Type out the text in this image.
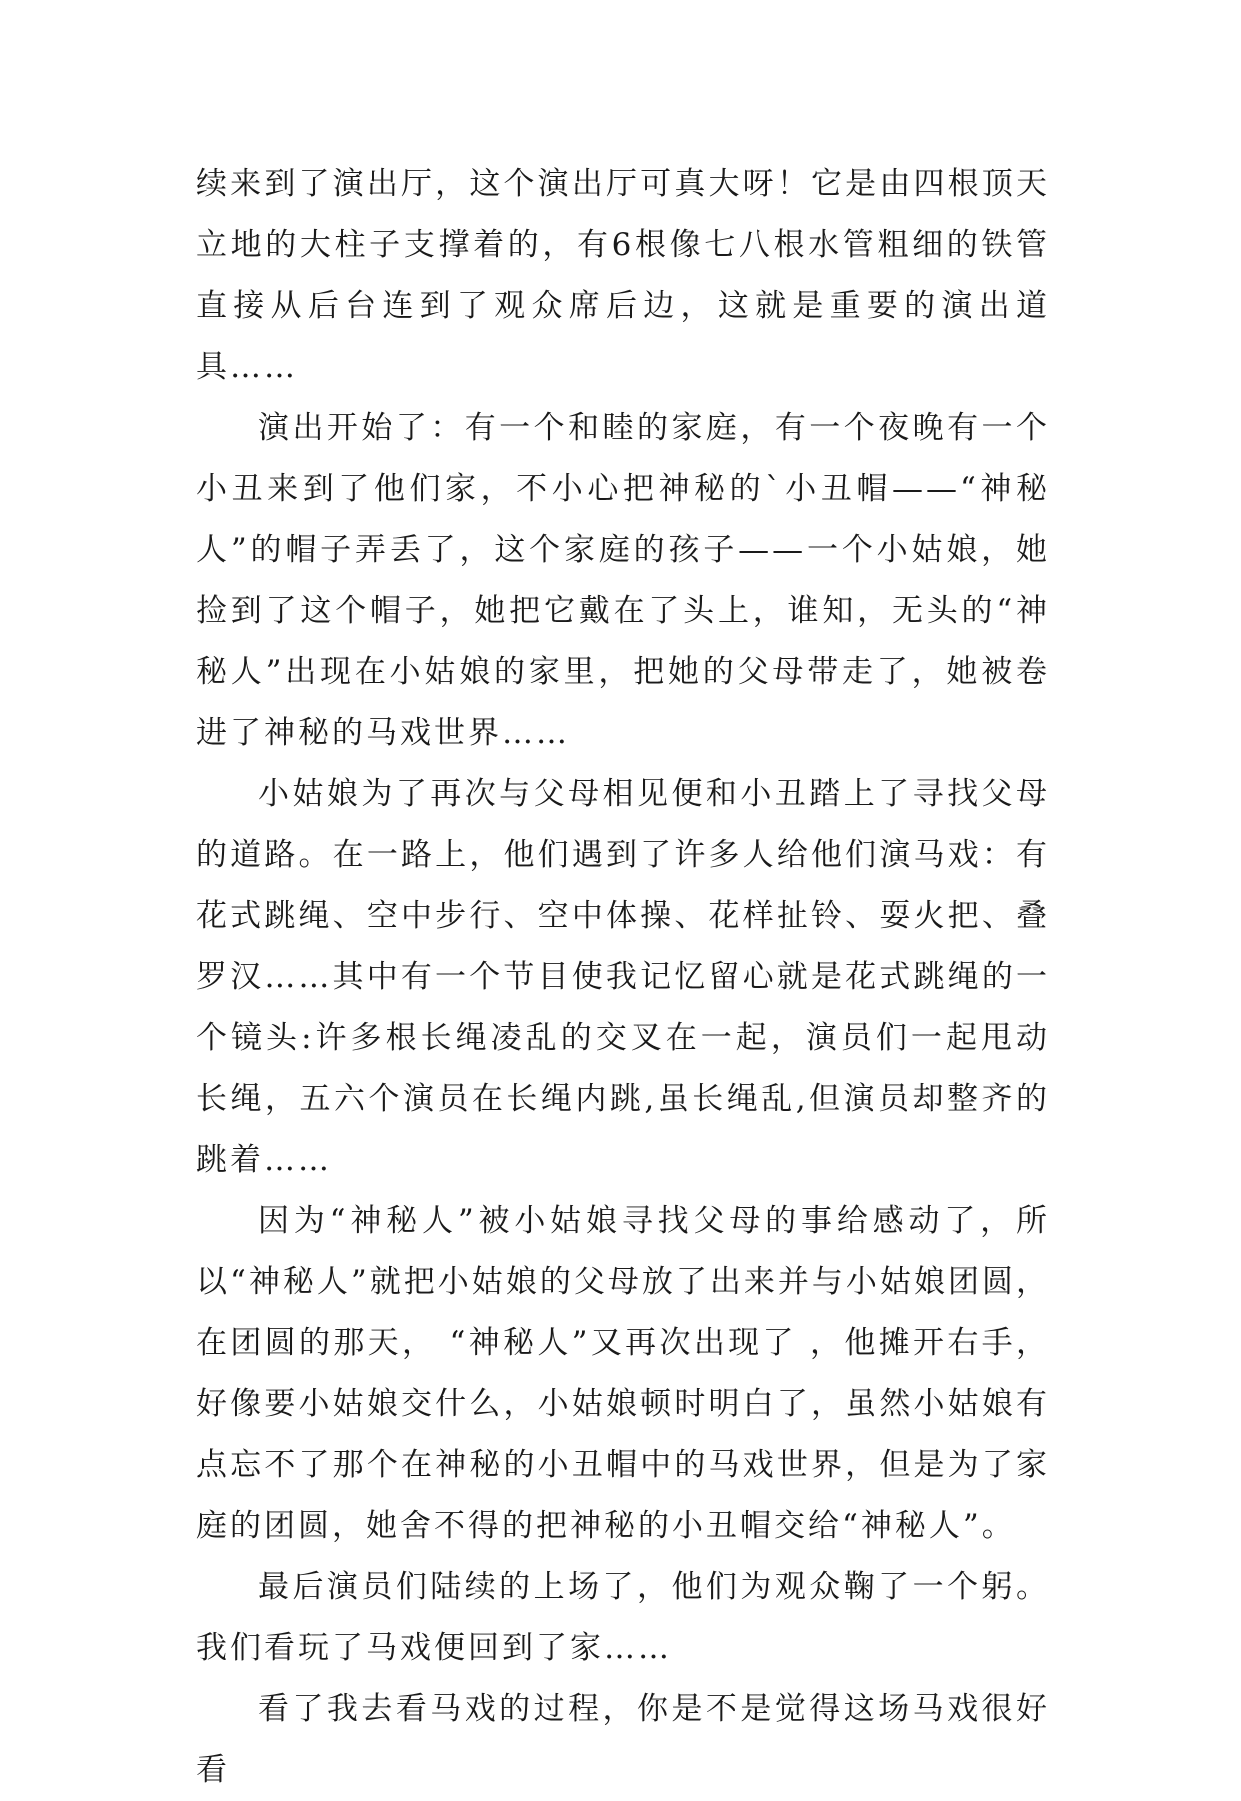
续来到了演出厅，这个演出厅可真大呀！它是由四根顶天立地的大柱子支撑着的，有6根像七八根水管粗细的铁管直接从后台连到了观众席后边，这就是重要的演出道具……

演出开始了：有一个和睦的家庭，有一个夜晚有一个小丑来到了他们家，不小心把神秘的`小丑帽——“神秘人”的帽子弄丢了，这个家庭的孩子——一个小姑娘，她捡到了这个帽子，她把它戴在了头上，谁知，无头的“神秘人”出现在小姑娘的家里，把她的父母带走了，她被卷进了神秘的马戏世界……

小姑娘为了再次与父母相见便和小丑踏上了寻找父母的道路。在一路上，他们遇到了许多人给他们演马戏：有花式跳绳、空中步行、空中体操、花样扯铃、耍火把、叠罗汉……其中有一个节目使我记忆留心就是花式跳绳的一个镜头:许多根长绳凌乱的交叉在一起，演员们一起甩动长绳，五六个演员在长绳内跳,虽长绳乱,但演员却整齐的跳着……

因为“神秘人”被小姑娘寻找父母的事给感动了，所以“神秘人”就把小姑娘的父母放了出来并与小姑娘团圆，在团圆的那天， “神秘人”又再次出现了 ，他摊开右手，好像要小姑娘交什么，小姑娘顿时明白了，虽然小姑娘有点忘不了那个在神秘的小丑帽中的马戏世界，但是为了家庭的团圆，她舍不得的把神秘的小丑帽交给“神秘人”。

最后演员们陆续的上场了，他们为观众鞠了一个躬。我们看玩了马戏便回到了家……

看了我去看马戏的过程，你是不是觉得这场马戏很好看
